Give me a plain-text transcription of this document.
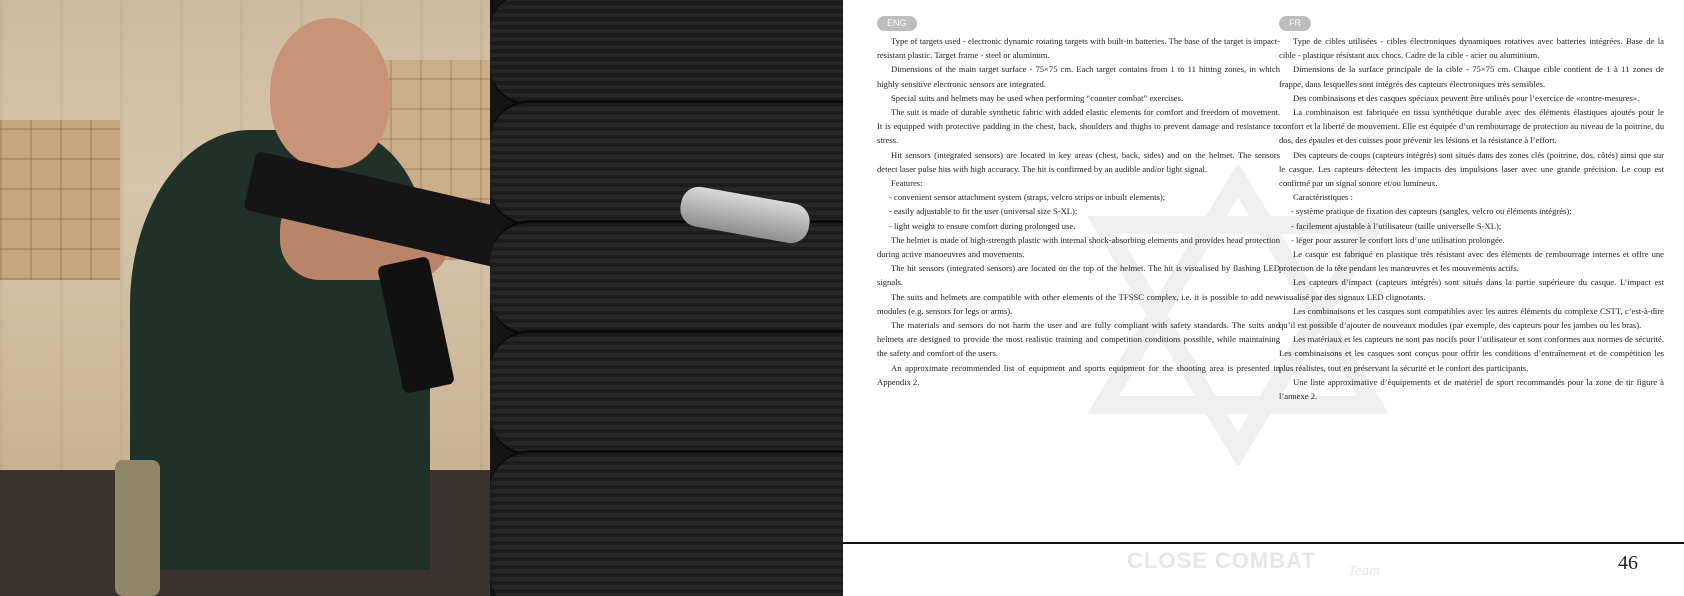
ENG

Type of targets used - electronic dynamic rotating targets with built-in batteries. The base of the target is impact-resistant plastic. Target frame - steel or aluminum.

Dimensions of the main target surface - 75×75 cm. Each target contains from 1 to 11 hitting zones, in which highly sensitive electronic sensors are integrated.

Special suits and helmets may be used when performing “counter combat” exercises.

The suit is made of durable synthetic fabric with added elastic elements for comfort and freedom of movement. It is equipped with protective padding in the chest, back, shoulders and thighs to prevent damage and resistance to stress.

Hit sensors (integrated sensors) are located in key areas (chest, back, sides) and on the helmet. The sensors detect laser pulse hits with high accuracy. The hit is confirmed by an audible and/or light signal.

Features:

- convenient sensor attachment system (straps, velcro strips or inbuilt elements);

- easily adjustable to fit the user (universal size S-XL);

- light weight to ensure comfort during prolonged use.

The helmet is made of high-strength plastic with internal shock-absorbing elements and provides head protection during active manoeuvres and movements.

The hit sensors (integrated sensors) are located on the top of the helmet. The hit is visualised by flashing LED signals.

The suits and helmets are compatible with other elements of the TFSSC complex, i.e. it is possible to add new modules (e.g. sensors for legs or arms).

The materials and sensors do not harm the user and are fully compliant with safety standards. The suits and helmets are designed to provide the most realistic training and competition conditions possible, while maintaining the safety and comfort of the users.

An approximate recommended list of equipment and sports equipment for the shooting area is presented in Appendix 2.

FR

Type de cibles utilisées - cibles électroniques dynamiques rotatives avec batteries intégrées. Base de la cible - plastique résistant aux chocs. Cadre de la cible - acier ou aluminium.

Dimensions de la surface principale de la cible - 75×75 cm. Chaque cible contient de 1 à 11 zones de frappe, dans lesquelles sont intégrés des capteurs électroniques très sensibles.

Des combinaisons et des casques spéciaux peuvent être utilisés pour l’exercice de «contre-mesures».

La combinaison est fabriquée en tissu synthétique durable avec des éléments élastiques ajoutés pour le confort et la liberté de mouvement. Elle est équipée d’un rembourrage de protection au niveau de la poitrine, du dos, des épaules et des cuisses pour prévenir les lésions et la résistance à l’effort.

Des capteurs de coups (capteurs intégrés) sont situés dans des zones clés (poitrine, dos, côtés) ainsi que sur le casque. Les capteurs détectent les impacts des impulsions laser avec une grande précision. Le coup est confirmé par un signal sonore et/ou lumineux.

Caractéristiques :

- système pratique de fixation des capteurs (sangles, velcro ou éléments intégrés);

- facilement ajustable à l’utilisateur (taille universelle S-XL);

- léger pour assurer le confort lors d’une utilisation prolongée.

Le casque est fabriqué en plastique très résistant avec des éléments de rembourrage internes et offre une protection de la tête pendant les manœuvres et les mouvements actifs.

Les capteurs d’impact (capteurs intégrés) sont situés dans la partie supérieure du casque. L’impact est visualisé par des signaux LED clignotants.

Les combinaisons et les casques sont compatibles avec les autres éléments du complexe CSTT, c’est-à-dire qu’il est possible d’ajouter de nouveaux modules (par exemple, des capteurs pour les jambes ou les bras).

Les matériaux et les capteurs ne sont pas nocifs pour l’utilisateur et sont conformes aux normes de sécurité. Les combinaisons et les casques sont conçus pour offrir les conditions d’entraînement et de compétition les plus réalistes, tout en préservant la sécurité et le confort des participants.

Une liste approximative d’équipements et de matériel de sport recommandés pour la zone de tir figure à l’annexe 2.

CLOSE COMBAT Team	46
